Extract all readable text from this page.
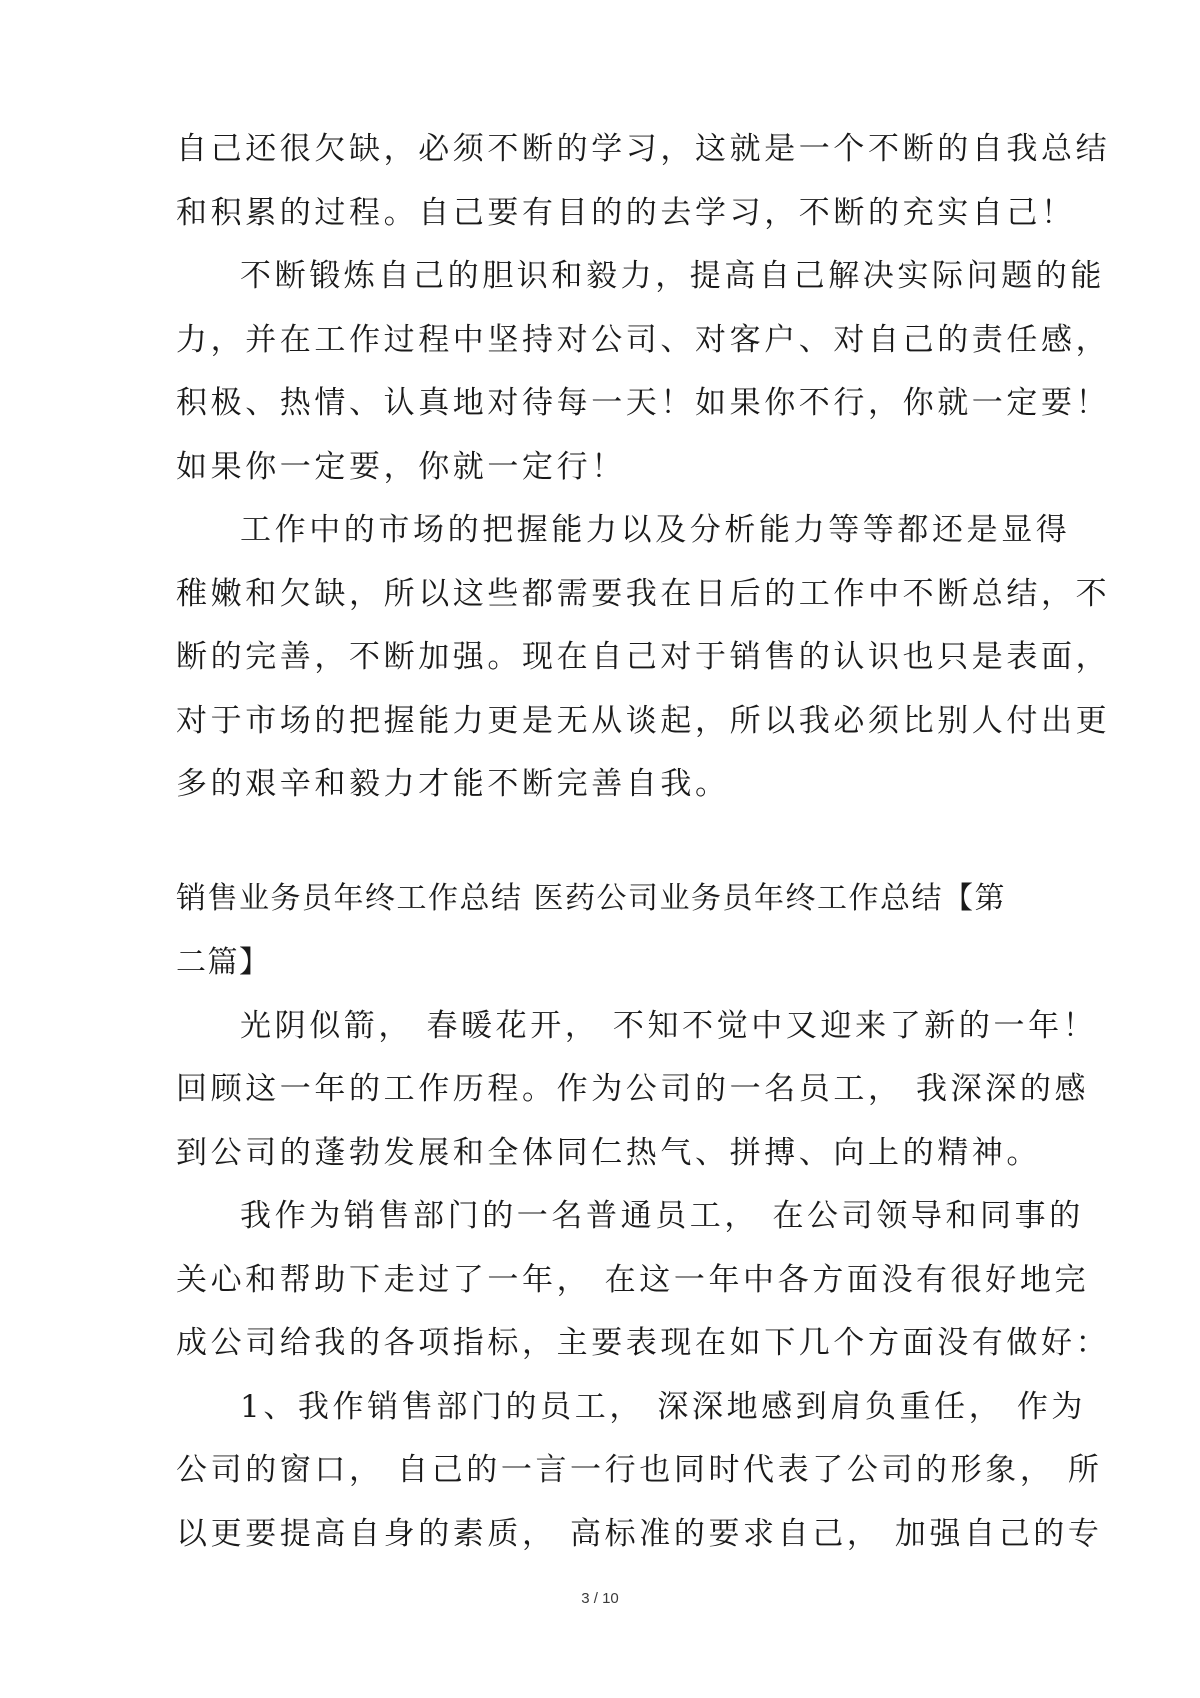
自己还很欠缺，必须不断的学习，这就是一个不断的自我总结
和积累的过程。自己要有目的的去学习，不断的充实自己！

不断锻炼自己的胆识和毅力，提高自己解决实际问题的能
力，并在工作过程中坚持对公司、对客户、对自己的责任感，
积极、热情、认真地对待每一天！如果你不行，你就一定要！
如果你一定要，你就一定行！

工作中的市场的把握能力以及分析能力等等都还是显得
稚嫩和欠缺，所以这些都需要我在日后的工作中不断总结，不
断的完善，不断加强。现在自己对于销售的认识也只是表面，
对于市场的把握能力更是无从谈起，所以我必须比别人付出更
多的艰辛和毅力才能不断完善自我。

销售业务员年终工作总结 医药公司业务员年终工作总结【第
二篇】

光阴似箭， 春暖花开， 不知不觉中又迎来了新的一年！
回顾这一年的工作历程。作为公司的一名员工， 我深深的感
到公司的蓬勃发展和全体同仁热气、拼搏、向上的精神。

我作为销售部门的一名普通员工， 在公司领导和同事的
关心和帮助下走过了一年， 在这一年中各方面没有很好地完
成公司给我的各项指标，主要表现在如下几个方面没有做好：

1、我作销售部门的员工， 深深地感到肩负重任， 作为
公司的窗口， 自己的一言一行也同时代表了公司的形象， 所
以更要提高自身的素质， 高标准的要求自己， 加强自己的专

3 / 10
